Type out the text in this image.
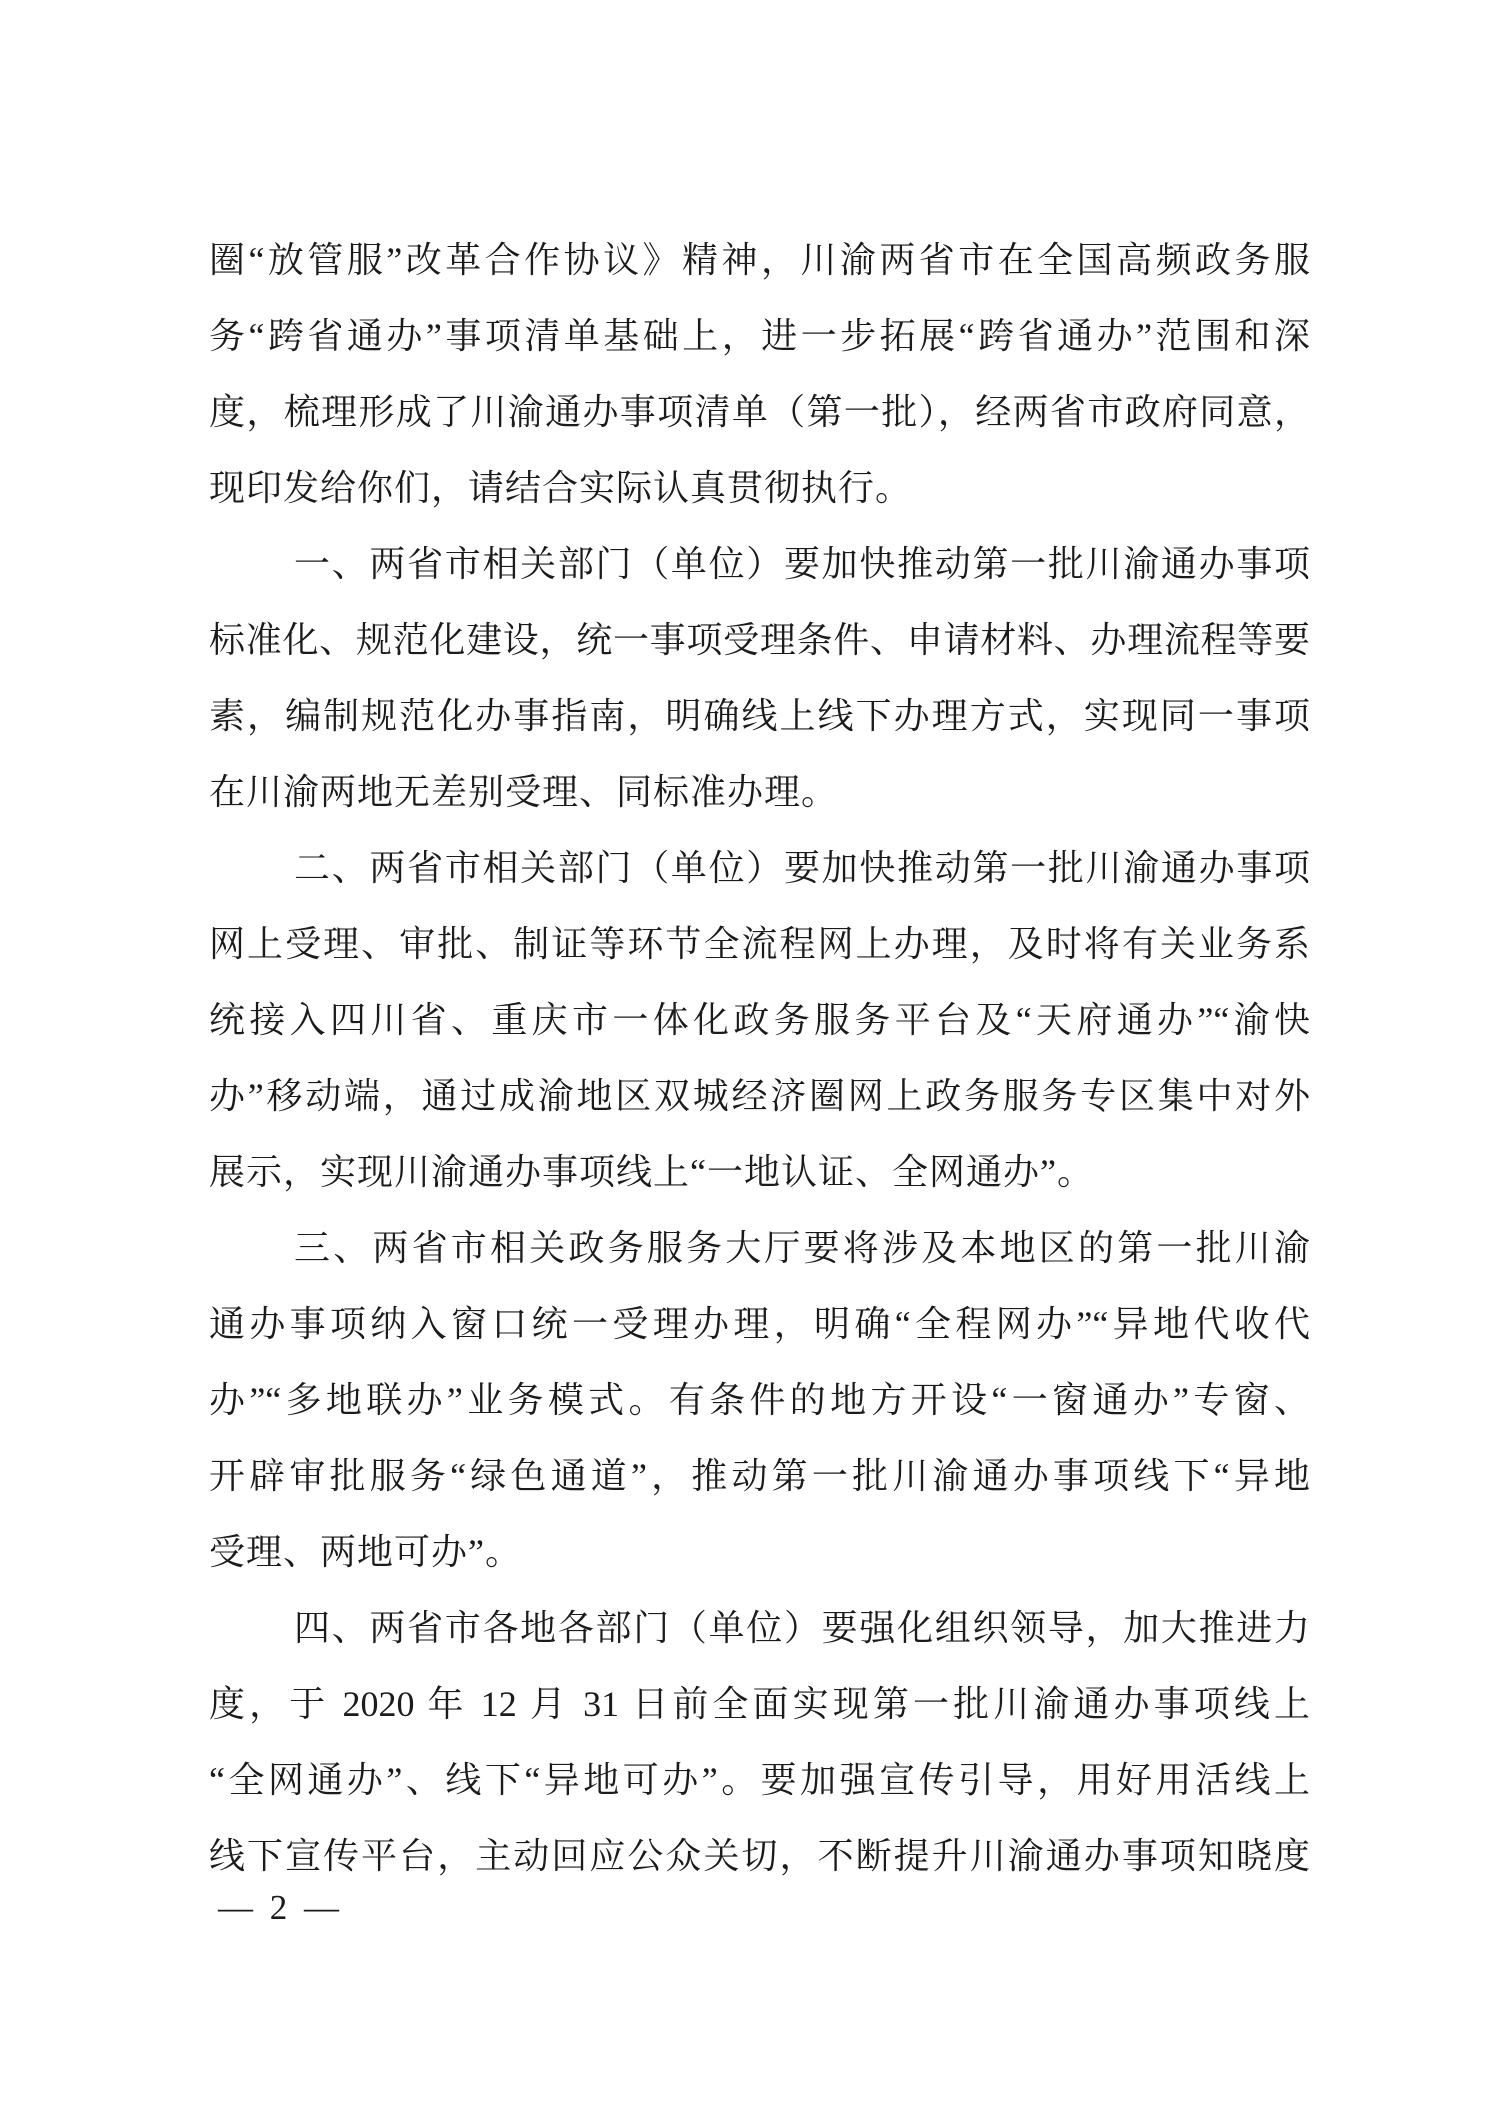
圈“放管服”改革合作协议》精神，川渝两省市在全国高频政务服
务“跨省通办”事项清单基础上，进一步拓展“跨省通办”范围和深
度，梳理形成了川渝通办事项清单（第一批），经两省市政府同意，
现印发给你们，请结合实际认真贯彻执行。
一、两省市相关部门（单位）要加快推动第一批川渝通办事项
标准化、规范化建设，统一事项受理条件、申请材料、办理流程等要
素，编制规范化办事指南，明确线上线下办理方式，实现同一事项
在川渝两地无差别受理、同标准办理。
二、两省市相关部门（单位）要加快推动第一批川渝通办事项
网上受理、审批、制证等环节全流程网上办理，及时将有关业务系
统接入四川省、重庆市一体化政务服务平台及“天府通办”“渝快
办”移动端，通过成渝地区双城经济圈网上政务服务专区集中对外
展示，实现川渝通办事项线上“一地认证、全网通办”。
三、两省市相关政务服务大厅要将涉及本地区的第一批川渝
通办事项纳入窗口统一受理办理，明确“全程网办”“异地代收代
办”“多地联办”业务模式。有条件的地方开设“一窗通办”专窗、
开辟审批服务“绿色通道”，推动第一批川渝通办事项线下“异地
受理、两地可办”。
四、两省市各地各部门（单位）要强化组织领导，加大推进力
度，于 2020 年 12 月 31 日前全面实现第一批川渝通办事项线上
“全网通办”、线下“异地可办”。要加强宣传引导，用好用活线上
线下宣传平台，主动回应公众关切，不断提升川渝通办事项知晓度
— 2 —
